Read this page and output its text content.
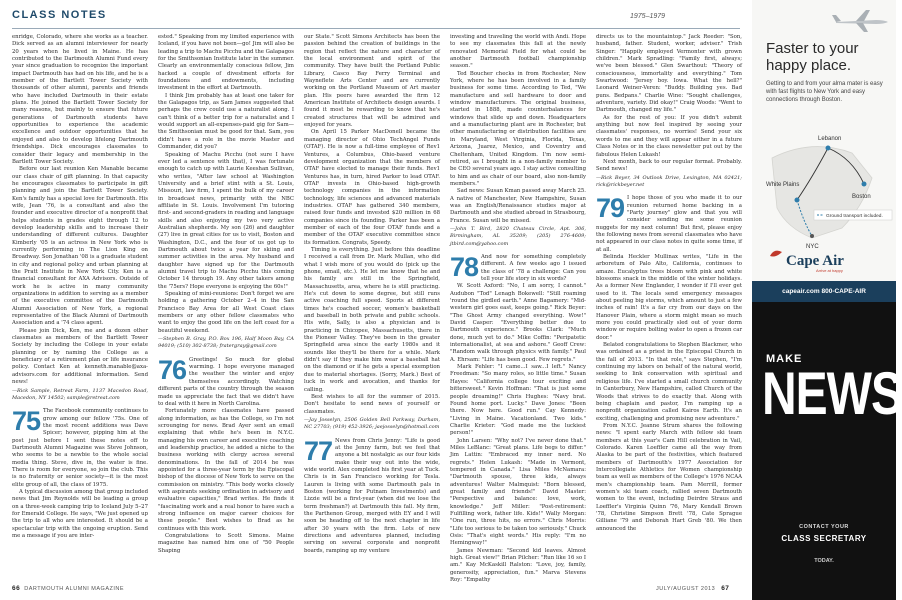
CLASS NOTES	1975–1979

enridge, Colorado, where she works as a teacher. Dick served as an alumni interviewer for nearly 20 years when he lived in Maine. He has contributed to the Dartmouth Alumni Fund every year since graduation to recognize the important impact Dartmouth has had on his life, and he is a member of the Bartlett Tower Society with thousands of other alumni, parents and friends who have included Dartmouth in their estate plans. He joined the Bartlett Tower Society for many reasons, but mainly to ensure that future generations of Dartmouth students have opportunities to experience the academic excellence and outdoor opportunities that he enjoyed and also to develop lifelong Dartmouth friendships. Dick encourages classmates to consider their legacy and membership in the Bartlett Tower Society.

Before our last reunion Ken Manable became our class chair of gift planning. In that capacity he encourages classmates to participate in gift planning and join the Bartlett Tower Society. Ken's family has a special love for Dartmouth. His wife, Jean '76, is a consultant and also the founder and executive director of a nonprofit that helps students in grades eight through 12 to develop leadership skills and to increase their understanding of different cultures. Daughter Kimberly '05 is an actress in New York who is currently performing in The Lion King on Broadway. Son Jonathan '08 is a graduate student in city and regional policy and urban planning at the Pratt Institute in New York City. Ken is a financial consultant for AXA Advisors. Outside of work he is active in many community organizations in addition to serving as a member of the executive committee of the Dartmouth Alumni Association of New York, a regional representative of the Black Alumni of Dartmouth Association and a '74 class agent.

Please join Dick, Ken, me and a dozen other classmates as members of the Bartlett Tower Society by including the College in your estate planning or by naming the College as a beneficiary of a retirement plan or life insurance policy. Contact Ken at kenneth.manable@axa-advisors.com for additional information. Send news!

—Rick Sample, Retreat Farm, 1137 Macedon Road, Macedon, NY 14502; sample@retreat.com

75 The Facebook community continues to grow among our fellow '75s. One of the most recent additions was Dave Spicer; however, pipping him at the post just before I sent these notes off to Dartmouth Alumni Magazine was Steve Johnson, who seems to be a newbie to the whole social media thing. Steve, dive in, the water is fine. There is room for everyone, so join the club. This is no fraternity or senior society—it is the most elite group of all, the class of 1975.

A typical discussion among that group included news that Jim Reynolds will be leading a group on a three-week camping trip to Iceland July 5–27 for Emerald College. He says, "We just opened up the trip to all who are interested. It should be a spectacular trip with the ongoing eruption. Send me a message if you are inter-

ested." Speaking from my limited experience with Iceland, if you have not been—go! Jim will also be leading a trip to Machu Picchu and the Galapagos for the Smithsonian Institute later in the summer. Clearly an environmentally conscious fellow, Jim hacked a couple of divestment efforts for foundations and endowments, including investment in the effort at Dartmouth.

I think Jim probably has at least one taker for the Galapagos trip, as Sam James suggested that perhaps the crew could use a naturalist along. I can't think of a better trip for a naturalist and I would support an all-expenses-paid gig for Sam—the Smithsonian must be good for that. Sam, you didn't have a role in the movie Master and Commander, did you?

Speaking of Machu Picchu (not sure I have ever led a sentence with that), I was fortunate enough to catch up with Laurie Keeshan Sullivan, who writes, "After law school at Washington University and a brief stint with a St. Louis, Missouri, law firm, I spent the bulk of my career in broadcast news, primarily with the NBC affiliate in St. Louis. Involvement I'm tutoring first- and second-graders in reading and language skills and also enjoying my two very active Australian shepherds. My son (26) and daughter (27) live in great cities for us to visit, Boston and Washington, D.C., and the four of us got up to Dartmouth about twice a year for skiing and summer activities in the area. My husband and daughter have signed up for the Dartmouth alumni travel trip to Machu Picchu this coming October 14 through 19. Any other takers among the '75ers? Hope everyone is enjoying the 60s!"

Speaking of mini-reunions: Don't forget we are holding a gathering October 2–4 in the San Francisco Bay Area for all West Coast class members or any other fellow classmates who want to enjoy the good life on the left coast for a beautiful weekend.

—Stephen B. Gray, P.O. Box 196, Half Moon Bay, CA 94019; (510) 302-8738; fratergray@gmail.com

76 Greetings! So much for global warming. I hope everyone managed the weather the winter and enjoy themselves accordingly. Watching different parts of the country through the season made us appreciate the fact that we didn't have to deal with it here in North Carolina.

Fortunately more classmates have passed along information, as has the College, so I'm not scrounging for news. Brad Ayer sent an email explaining that while he's been in N.Y.C. managing his own career and executive coaching and leadership practice, he added a niche to the business working with clergy across several denominations. In the fall of 2014 he was appointed for a three-year term by the Episcopal bishop of the diocese of New York to serve on the commission on ministry. "This body works closely with aspirants seeking ordination in advisory and evaluative capacities," Brad writes. He finds it "fascinating work and a real honor to have such a strong influence on major career choices for these people." Best wishes to Brad as he continues with this work.

Congratulations to Scott Simons. Maine magazine has named him one of "50 People Shaping

our State." Scott Simons Architects has been the passion behind the creation of buildings in the region that reflect the nature and character of the local environment and spirit of the community. They have built the Portland Public Library, Casco Bay Ferry Terminal and Wayneflete Arts Center and are currently working on the Portland Museum of Art master plan. His peers have awarded the firm 12 American Institute of Architects design awards. I found it most be rewarding to know that he's created structures that will be admired and enjoyed for years.

On April 15 Parker MacDonell became the managing director of Ohio TechAngel Funds (OTAF). He is now a full-time employee of Rev1 Ventures, a Columbus, Ohio-based venture development organization that the members of OTAF have elected to manage their funds. Rev1 Ventures has, in turn, hired Parker to lead OTAF. OTAF invests in Ohio-based high-growth technology companies in the information technology, life sciences and advanced materials industries. OTAF has gathered 340 members, raised four funds and invested $20 million in 68 companies since its founding. Parker has been a member of each of the four OTAF funds and a member of the OTAF executive committee since its formation. Congrats, Speedy.

Timing is everything. Just before this deadline I received a call from Dr. Mark Mullan, who did what I wish more of you would do (pick up the phone, email, etc.). He let me know that he and his family are still in the Springfield, Massachusetts, area, where he is still practicing. He's cut down to some degree, but still runs active coaching full speed. Sports at different times he's coached soccer, women's basketball and baseball in both private and public schools. His wife, Sally, is also a physician and is practicing in Chicopee, Massachusetts, there in the Pioneer Valley. They've been in the greater Springfield area since the early 1980s and it sounds like they'll be there for a while. Mark didn't say if they make him wear a baseball hat on the diamond or if he gets a special exemption due to material shortages. (Sorry, Mark.) Best of luck in work and avocation, and thanks for calling.

Best wishes to all for the summer of 2015. Don't hesitate to send news of yourself or classmates.

—Jay Josselyn, 2506 Golden Bell Parkway, Durham, NC 27703; (919) 452-3926; jaejosselyn@hotmail.com

77 News from Chris Jenny: "Life is good at the Jenny farm, but we feel that anyone a bit nostalgic as our four kids make their way out into the wide, wide world. Alex completed his first year at Tuck. Chris is in San Francisco working for Tesla. Lauren is living with some Dartmouth pals in Boston (working for Putnam Investments) and Lizzie will be a first-year (when did we lose the term freshman?) at Dartmouth this fall. My firm, the Parthenon Group, merged with EY and I will soon be heading off to the next chapter in life after 30 years with the firm. Lots of new directions and adventures planned, including serving on several corporate and nonprofit boards, ramping up my venture

investing and traveling the world with Andi. Hope to see my classmates this fall at the newly renovated Memorial Field for what could be another Dartmouth football championship season."

Ted Boucher checks in from Rochester, New York, where he has been involved in a family business for some time. According to Ted, "We manufacture and sell hardware to door and window manufacturers. The original business, started in 1888, made counterbalances for windows that slide up and down. Headquarters and a manufacturing plant are in Rochester, but other manufacturing or distribution facilities are in Maryland, West Virginia, Florida, Texas, Arizona, Juarez, Mexico, and Coventry and Cheltenham, United Kingdom. I'm now semi-retired, as I brought in a non-family member to be CEO several years ago. I stay active consulting to him and as chair of our board, also non-family members."

Sad news: Susan Kman passed away March 25. A native of Manchester, New Hampshire, Susan was an English/Renaissance studies major at Dartmouth and she studied abroad in Strasbourg, France. Susan will be missed.

—John T. Bird, 2820 Chateau Circle, Apt. 306, Birmingham, AL 35209; (205) 276-4609; jtbird.com@yahoo.com

78 And now for something completely different. A few weeks ago I issued the class of '78 a challenge: Can you tell your life story in six words?

W. Scott Axford: "No, I am sorry, I cannot." Audubon "Tod" Lenagh Bokewell: "Still roaming 'round the girdled earth." Anne Bagamery: "Mid-western girl goes east, keeps going." Rick Beyer: "The Ghost Army changed everything. Wow!" David Casper: "Everything better due to Dartmouth experience." Brooks Clark: "Much done, much yet to do." Mike Coffin: "Peripatetic internationalist, at sea and ashore." Geoff Crew: "Random walk through physics with family." Paul A. Ehrsam: "Life has been good. Few regrets."

Mark Fehler: "I came...I saw...I left." Nancy Freedman: "So many roles, so little time." Susan Hayes: "California college tour exciting and bittersweet." Kevin Hoffman: "That is just some people dreaming!" Chris Hughes: "Navy brat. Found home port. Lucky." Dave Jones: "Been there. Now here. Good run." Cay Kennedy: "Living in Maine. Vacationland. Two kids." Charlie Krieter: "God made me the luckiest person!"

John Larsen: "Why not? I've never done that." Miles LeBlanc: "Great plans. Life begs to differ." Jim Lattin: "Embraced my inner nerd. No regrets." Helen Lukash: "Made in Vermont, tempered in Canada." Lisa Miles McNamara: "Dartmouth spouse, three kids, always adventures! Walter Malmquist: "Born blessed, great family and friends!" David Master: "Perspective and balance: love, work, knowledge." Jeff Miller: "Post-retirement: Fulfilling work, father life. Kids!" Wally Morgan: "One run, three hits, no errors." Chris Morris: "Life too serious to be taken too seriously." Chuck Osis: "That's eight words." His reply: "I'm no Hemingway!"

James Newman: "Second kid leaves. Almost high. Great view!" Brian Pilcher: "Run like 16 so I am." Kay McKaskill Ralston: "Love, joy, family, generosity, appreciation, fun." Marva Stevens Roy: "Empathy

directs us to the mountaintop." Jack Reeder: "Son, husband, father. Student, worker, adviser." Trish Singer: "Happily employed Vermonter with grown children." Mark Spradling: "Family first, always; we've been blessed." Glen Swarthout: "Theory of consciousness, immortality and everything." Tom Swartwood: "Jersey boy. Iowa. What the hell?" Leonard Weiner-Veren: "Buddy. Building yes. Bad puns. Bedpans." Charlie Wine: "Sought challenges, adventure, variety. Did okay!" Craig Woods: "Went to Dartmouth, changed my life."

As for the rest of you: If you didn't submit anything but now feel inspired by seeing your classmates' responses, no worries! Send your six words to me and they will appear either in a future Class Notes or in the class newsletter put out by the fabulous Helen Lukash!

Next month, back to our regular format. Probably. Send news!

—Rick Beyer, 34 Outlook Drive, Lexington, MA 02421; rick@rickbeyer.net

79 I hope those of you who made it to our reunion returned home backing in a "Party journey" glow and that you will consider sending me some reunion nuggets for my next column! But first, please enjoy the following news from several classmates who have not appeared in our class notes in quite some time, if at all.

Belinda Heckler Mullinax writes, "Life in the arboretum of Palo Alto, California, continues to amaze. Eucalyptus trees bloom with pink and white blossoms snack in the middle of the winter holidays. As a former New Englander, I wonder if I'll ever get used to it. The locals send emergency messages about peeling big storms, which amount to just a few inches of rain! It's a far cry from our days on the Hanover Plain, where a storm might mean so much more you could practically sled out of your dorm window or require bolting water to open a frozen car door."

Belated congratulations to Stephen Blackmer, who was ordained as a priest in the Episcopal Church in the fall of 2013. "In that role," says Stephen, "I'm continuing my labors on behalf of the natural world, seeking to link conservation with spiritual and religious life. I've started a small church community in Canterbury, New Hampshire, called Church of the Woods that strives to do exactly that. Along with being chaplain and pastor, I'm ramping up a nonprofit organization called Kairos Earth. It's an exciting, challenging and promising new adventure."

From N.Y.C. Jeanne Strum shares the following news: "I spent early March with fellow ski team members at this year's Cam Hill celebration in Vail, Colorado. Karen Loeffler came all the way from Alaska to be part of the festivities, which featured members of Dartmouth's 1977 Association for Intercollegiate Athletics for Women championship team as well as members of the College's 1976 NCAA men's championship team. Pam Merrill, former women's ski team coach, rallied seven Dartmouth women to the event, including Deirdre Straus and Loeffler's Virginia Quinn '76, Mary Kendall Brown '78, Christine Simpson Brett '78, Cate Sprague Gilliane '79 and Deborah Hart Greb '80. We then announced the

66 DARTMOUTH ALUMNI MAGAZINE	JULY/AUGUST 2013 67
Faster to your happy place.
Getting to and from your alma mater is easy with fast flights to New York and easy connections through Boston.
Lebanon
Boston
White Plains
NYC
Ground transport included.
Cape Air
Arrive at happy
capeair.com 800-CAPE-AIR
MAKE
NEWS
CONTACT YOUR
CLASS SECRETARY
TODAY.
